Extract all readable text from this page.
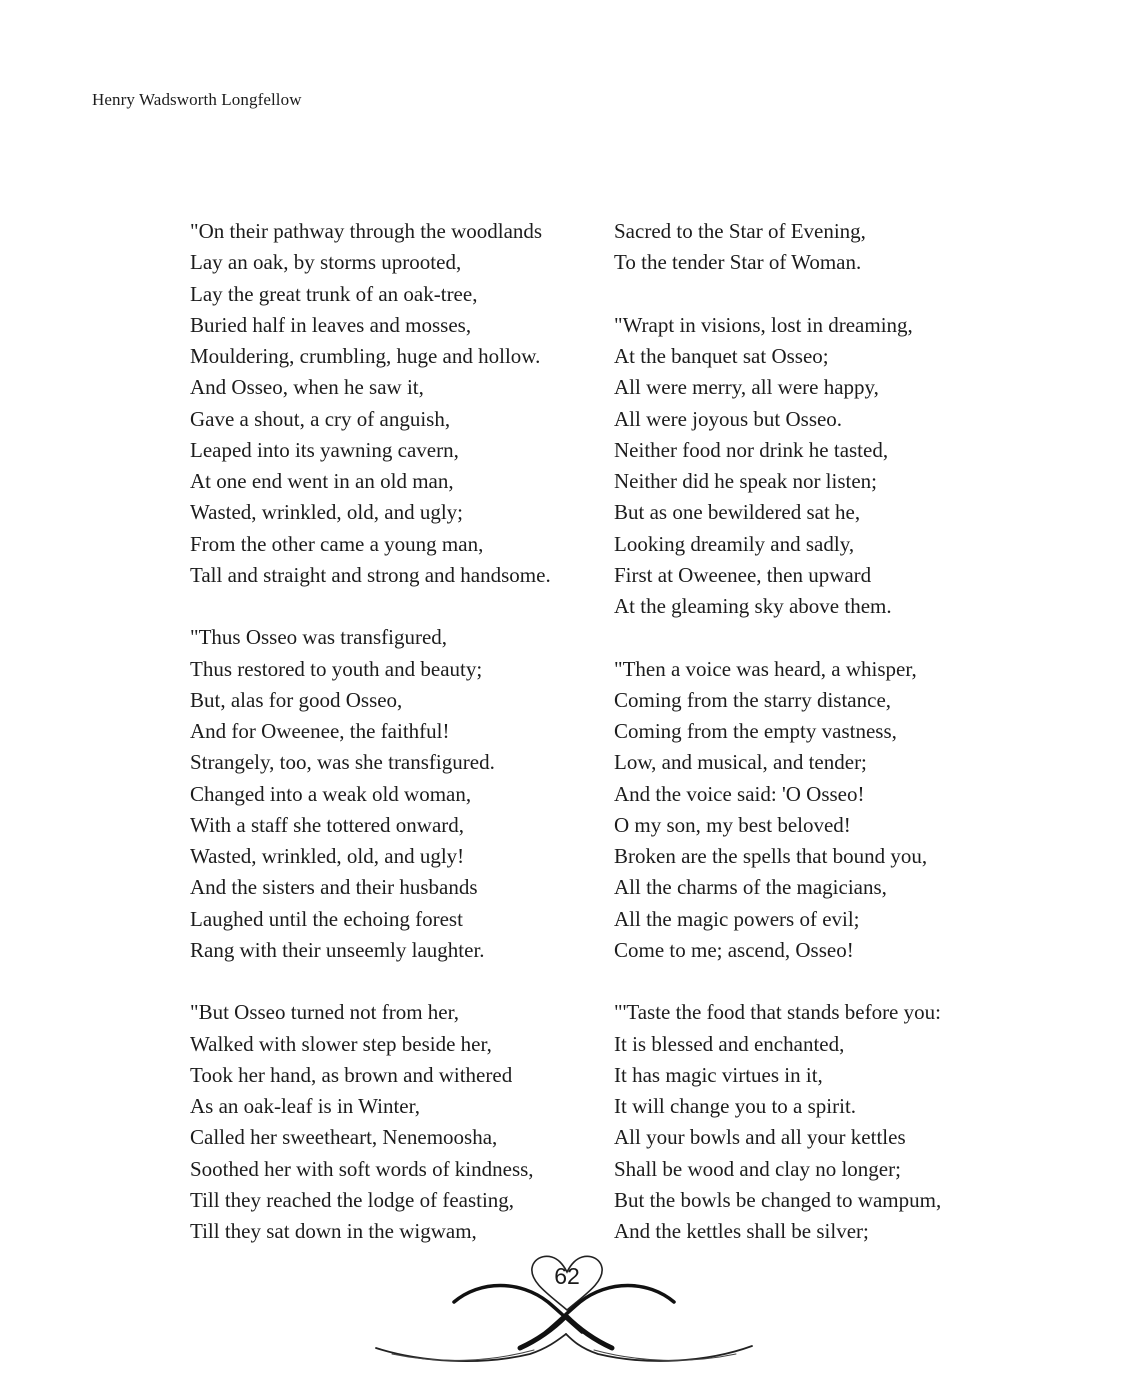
Henry Wadsworth Longfellow
"On their pathway through the woodlands
Lay an oak, by storms uprooted,
Lay the great trunk of an oak-tree,
Buried half in leaves and mosses,
Mouldering, crumbling, huge and hollow.
And Osseo, when he saw it,
Gave a shout, a cry of anguish,
Leaped into its yawning cavern,
At one end went in an old man,
Wasted, wrinkled, old, and ugly;
From the other came a young man,
Tall and straight and strong and handsome.
"Thus Osseo was transfigured,
Thus restored to youth and beauty;
But, alas for good Osseo,
And for Oweenee, the faithful!
Strangely, too, was she transfigured.
Changed into a weak old woman,
With a staff she tottered onward,
Wasted, wrinkled, old, and ugly!
And the sisters and their husbands
Laughed until the echoing forest
Rang with their unseemly laughter.
"But Osseo turned not from her,
Walked with slower step beside her,
Took her hand, as brown and withered
As an oak-leaf is in Winter,
Called her sweetheart, Nenemoosha,
Soothed her with soft words of kindness,
Till they reached the lodge of feasting,
Till they sat down in the wigwam,
Sacred to the Star of Evening,
To the tender Star of Woman.
"Wrapt in visions, lost in dreaming,
At the banquet sat Osseo;
All were merry, all were happy,
All were joyous but Osseo.
Neither food nor drink he tasted,
Neither did he speak nor listen;
But as one bewildered sat he,
Looking dreamily and sadly,
First at Oweenee, then upward
At the gleaming sky above them.
"Then a voice was heard, a whisper,
Coming from the starry distance,
Coming from the empty vastness,
Low, and musical, and tender;
And the voice said: 'O Osseo!
O my son, my best beloved!
Broken are the spells that bound you,
All the charms of the magicians,
All the magic powers of evil;
Come to me; ascend, Osseo!
"'Taste the food that stands before you:
It is blessed and enchanted,
It has magic virtues in it,
It will change you to a spirit.
All your bowls and all your kettles
Shall be wood and clay no longer;
But the bowls be changed to wampum,
And the kettles shall be silver;
62
